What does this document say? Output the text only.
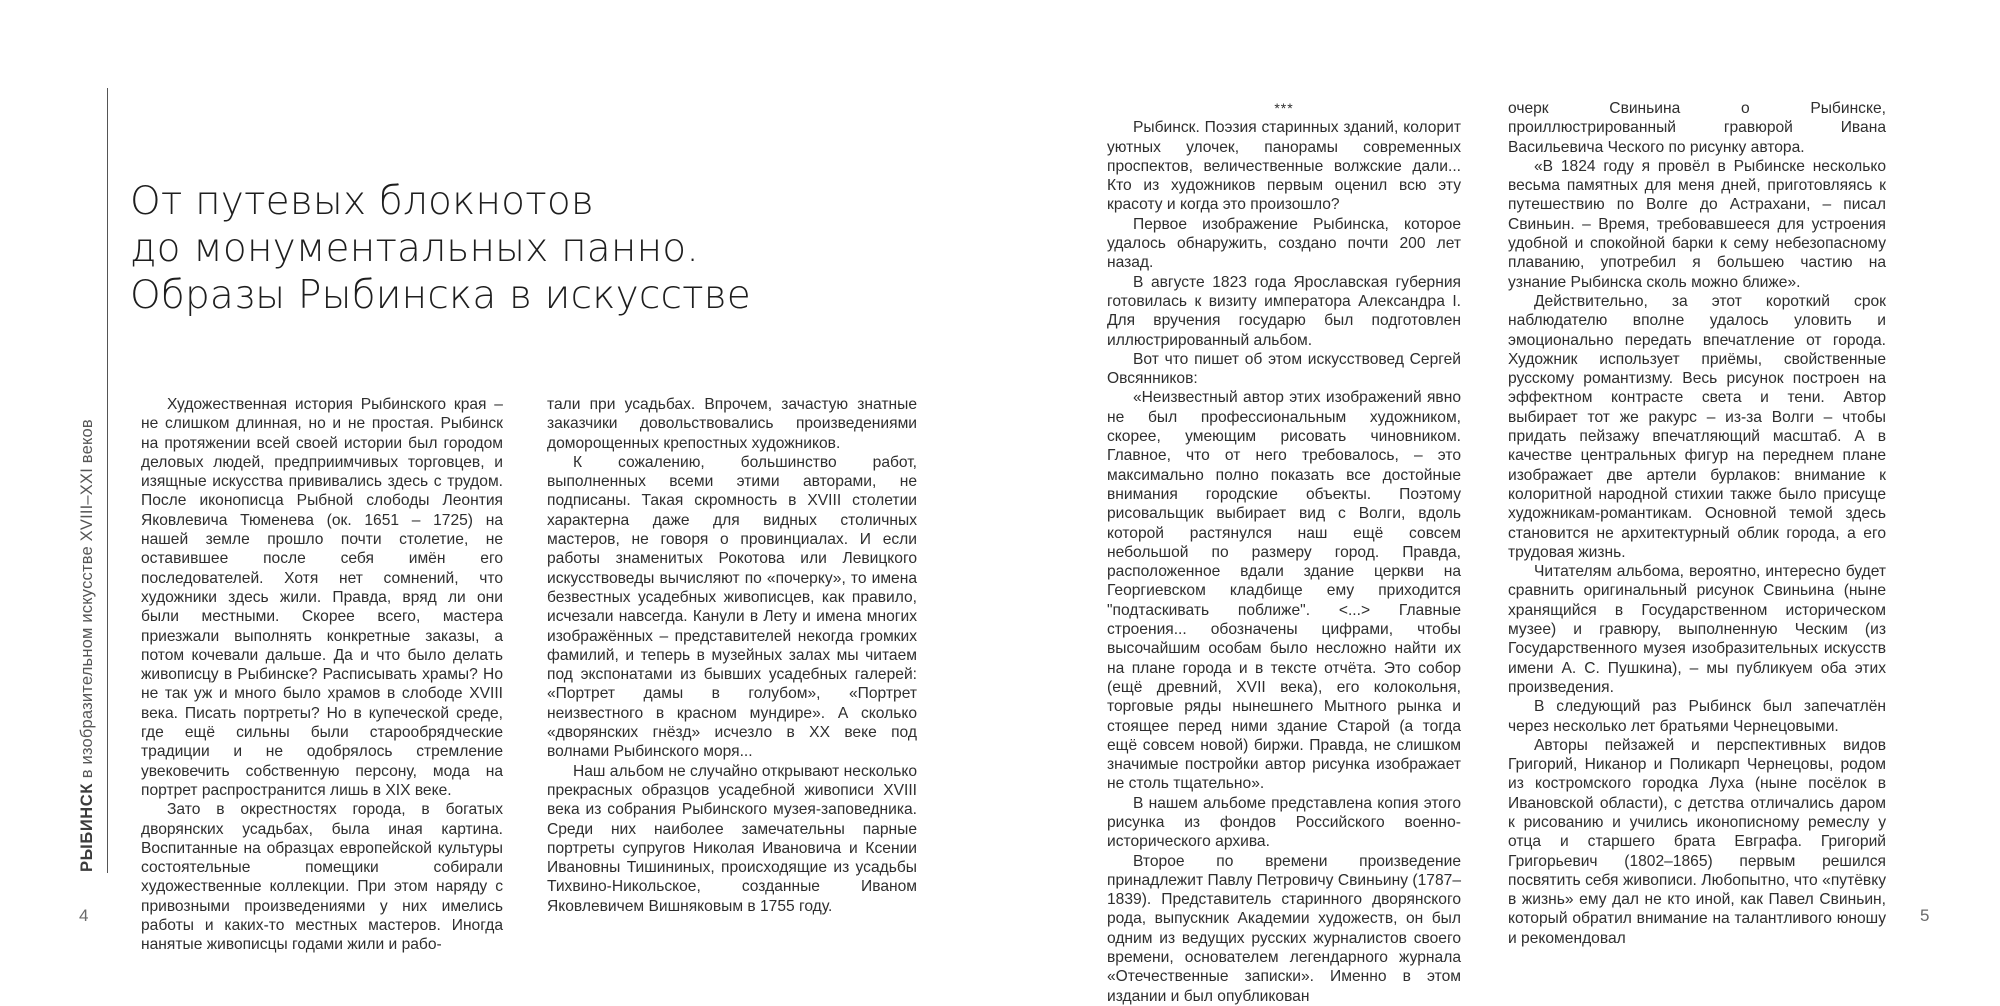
РЫБИНСК в изобразительном искусстве XVIII–XXI веков
От путевых блокнотов
до монументальных панно.
Образы Рыбинска в искусстве

Художественная история Рыбинского края – не слишком длинная, но и не простая. Рыбинск на протяжении всей своей истории был городом деловых людей, предприимчивых торговцев, и изящные искусства прививались здесь с трудом. После иконописца Рыбной слободы Леонтия Яковлевича Тюменева (ок. 1651 – 1725) на нашей земле прошло почти столетие, не оставившее после себя имён его последователей. Хотя нет сомнений, что художники здесь жили. Правда, вряд ли они были местными. Скорее всего, мастера приезжали выполнять конкретные заказы, а потом кочевали дальше. Да и что было делать живописцу в Рыбинске? Расписывать храмы? Но не так уж и много было храмов в слободе XVIII века. Писать портреты? Но в купеческой среде, где ещё сильны были старообрядческие традиции и не одобрялось стремление увековечить собственную персону, мода на портрет распространится лишь в XIX веке.

Зато в окрестностях города, в богатых дворянских усадьбах, была иная картина. Воспитанные на образцах европейской культуры состоятельные помещики собирали художественные коллекции. При этом наряду с привозными произведениями у них имелись работы и каких-то местных мастеров. Иногда нанятые живописцы годами жили и рабо-

тали при усадьбах. Впрочем, зачастую знатные заказчики довольствовались произведениями доморощенных крепостных художников.

К сожалению, большинство работ, выполненных всеми этими авторами, не подписаны. Такая скромность в XVIII столетии характерна даже для видных столичных мастеров, не говоря о провинциалах. И если работы знаменитых Рокотова или Левицкого искусствоведы вычисляют по «почерку», то имена безвестных усадебных живописцев, как правило, исчезали навсегда. Канули в Лету и имена многих изображённых – представителей некогда громких фамилий, и теперь в музейных залах мы читаем под экспонатами из бывших усадебных галерей: «Портрет дамы в голубом», «Портрет неизвестного в красном мундире». А сколько «дворянских гнёзд» исчезло в XX веке под волнами Рыбинского моря...

Наш альбом не случайно открывают несколько прекрасных образцов усадебной живописи XVIII века из собрания Рыбинского музея-заповедника. Среди них наиболее замечательны парные портреты супругов Николая Ивановича и Ксении Ивановны Тишининых, происходящие из усадьбы Тихвино-Никольское, созданные Иваном Яковлевичем Вишняковым в 1755 году.

***

Рыбинск. Поэзия старинных зданий, колорит уютных улочек, панорамы современных проспектов, величественные волжские дали... Кто из художников первым оценил всю эту красоту и когда это произошло?

Первое изображение Рыбинска, которое удалось обнаружить, создано почти 200 лет назад.

В августе 1823 года Ярославская губерния готовилась к визиту императора Александра I. Для вручения государю был подготовлен иллюстрированный альбом.

Вот что пишет об этом искусствовед Сергей Овсянников:

«Неизвестный автор этих изображений явно не был профессиональным художником, скорее, умеющим рисовать чиновником. Главное, что от него требовалось, – это максимально полно показать все достойные внимания городские объекты. Поэтому рисовальщик выбирает вид с Волги, вдоль которой растянулся наш ещё совсем небольшой по размеру город. Правда, расположенное вдали здание церкви на Георгиевском кладбище ему приходится "подтаскивать поближе". <...> Главные строения... обозначены цифрами, чтобы высочайшим особам было несложно найти их на плане города и в тексте отчёта. Это собор (ещё древний, XVII века), его колокольня, торговые ряды нынешнего Мытного рынка и стоящее перед ними здание Старой (а тогда ещё совсем новой) биржи. Правда, не слишком значимые постройки автор рисунка изображает не столь тщательно».

В нашем альбоме представлена копия этого рисунка из фондов Российского военно-исторического архива.

Второе по времени произведение принадлежит Павлу Петровичу Свиньину (1787–1839). Представитель старинного дворянского рода, выпускник Академии художеств, он был одним из ведущих русских журналистов своего времени, основателем легендарного журнала «Отечественные записки». Именно в этом издании и был опубликован

очерк Свиньина о Рыбинске, проиллюстрированный гравюрой Ивана Васильевича Ческого по рисунку автора.

«В 1824 году я провёл в Рыбинске несколько весьма памятных для меня дней, приготовляясь к путешествию по Волге до Астрахани, – писал Свиньин. – Время, требовавшееся для устроения удобной и спокойной барки к сему небезопасному плаванию, употребил я большею частию на узнание Рыбинска сколь можно ближе».

Действительно, за этот короткий срок наблюдателю вполне удалось уловить и эмоционально передать впечатление от города. Художник использует приёмы, свойственные русскому романтизму. Весь рисунок построен на эффектном контрасте света и тени. Автор выбирает тот же ракурс – из-за Волги – чтобы придать пейзажу впечатляющий масштаб. А в качестве центральных фигур на переднем плане изображает две артели бурлаков: внимание к колоритной народной стихии также было присуще художникам-романтикам. Основной темой здесь становится не архитектурный облик города, а его трудовая жизнь.

Читателям альбома, вероятно, интересно будет сравнить оригинальный рисунок Свиньина (ныне хранящийся в Государственном историческом музее) и гравюру, выполненную Ческим (из Государственного музея изобразительных искусств имени А. С. Пушкина), – мы публикуем оба этих произведения.

В следующий раз Рыбинск был запечатлён через несколько лет братьями Чернецовыми.

Авторы пейзажей и перспективных видов Григорий, Никанор и Поликарп Чернецовы, родом из костромского городка Луха (ныне посёлок в Ивановской области), с детства отличались даром к рисованию и учились иконописному ремеслу у отца и старшего брата Евграфа. Григорий Григорьевич (1802–1865) первым решился посвятить себя живописи. Любопытно, что «путёвку в жизнь» ему дал не кто иной, как Павел Свиньин, который обратил внимание на талантливого юношу и рекомендовал

4	5
